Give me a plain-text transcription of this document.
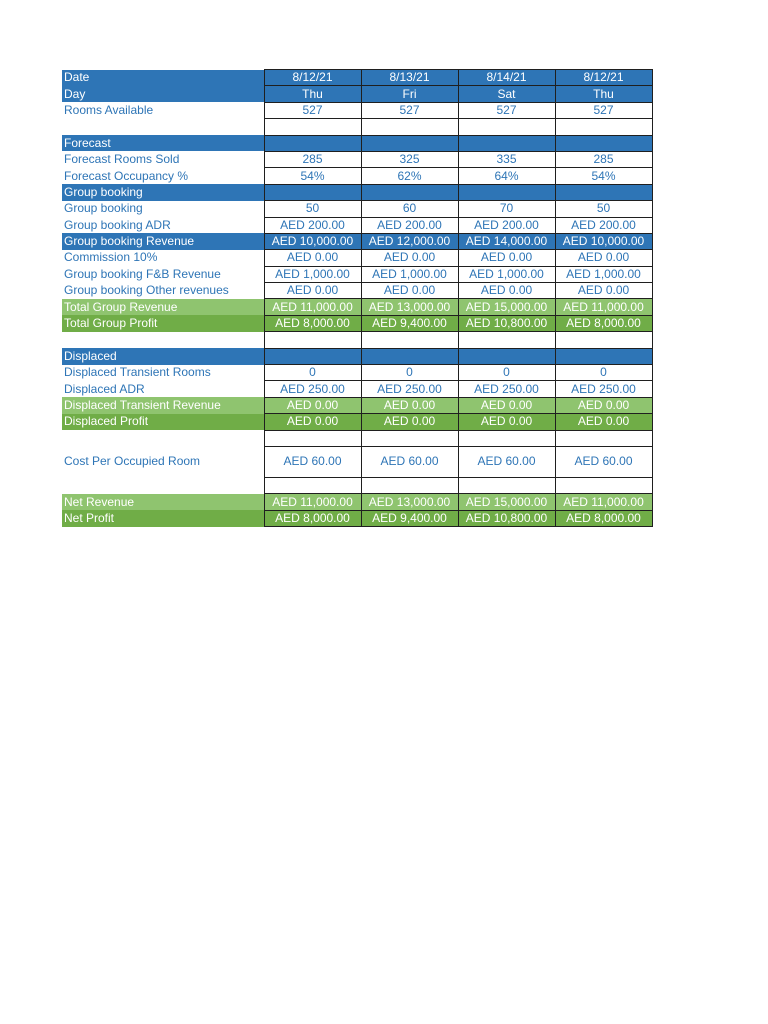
Date	8/12/21	8/13/21	8/14/21	8/12/21
Day	Thu	Fri	Sat	Thu
Rooms Available	527	527	527	527

Forecast				
Forecast Rooms Sold	285	325	335	285
Forecast Occupancy %	54%	62%	64%	54%
Group booking				
Group booking	50	60	70	50
Group booking ADR	AED 200.00	AED 200.00	AED 200.00	AED 200.00
Group booking Revenue	AED 10,000.00	AED 12,000.00	AED 14,000.00	AED 10,000.00
Commission 10%	AED 0.00	AED 0.00	AED 0.00	AED 0.00
Group booking F&B Revenue	AED 1,000.00	AED 1,000.00	AED 1,000.00	AED 1,000.00
Group booking Other revenues	AED 0.00	AED 0.00	AED 0.00	AED 0.00
Total Group Revenue	AED 11,000.00	AED 13,000.00	AED 15,000.00	AED 11,000.00
Total Group Profit	AED 8,000.00	AED 9,400.00	AED 10,800.00	AED 8,000.00

Displaced				
Displaced Transient Rooms	0	0	0	0
Displaced ADR	AED 250.00	AED 250.00	AED 250.00	AED 250.00
Displaced Transient Revenue	AED 0.00	AED 0.00	AED 0.00	AED 0.00
Displaced Profit	AED 0.00	AED 0.00	AED 0.00	AED 0.00

Cost Per Occupied Room	AED 60.00	AED 60.00	AED 60.00	AED 60.00

Net Revenue	AED 11,000.00	AED 13,000.00	AED 15,000.00	AED 11,000.00
Net Profit	AED 8,000.00	AED 9,400.00	AED 10,800.00	AED 8,000.00
